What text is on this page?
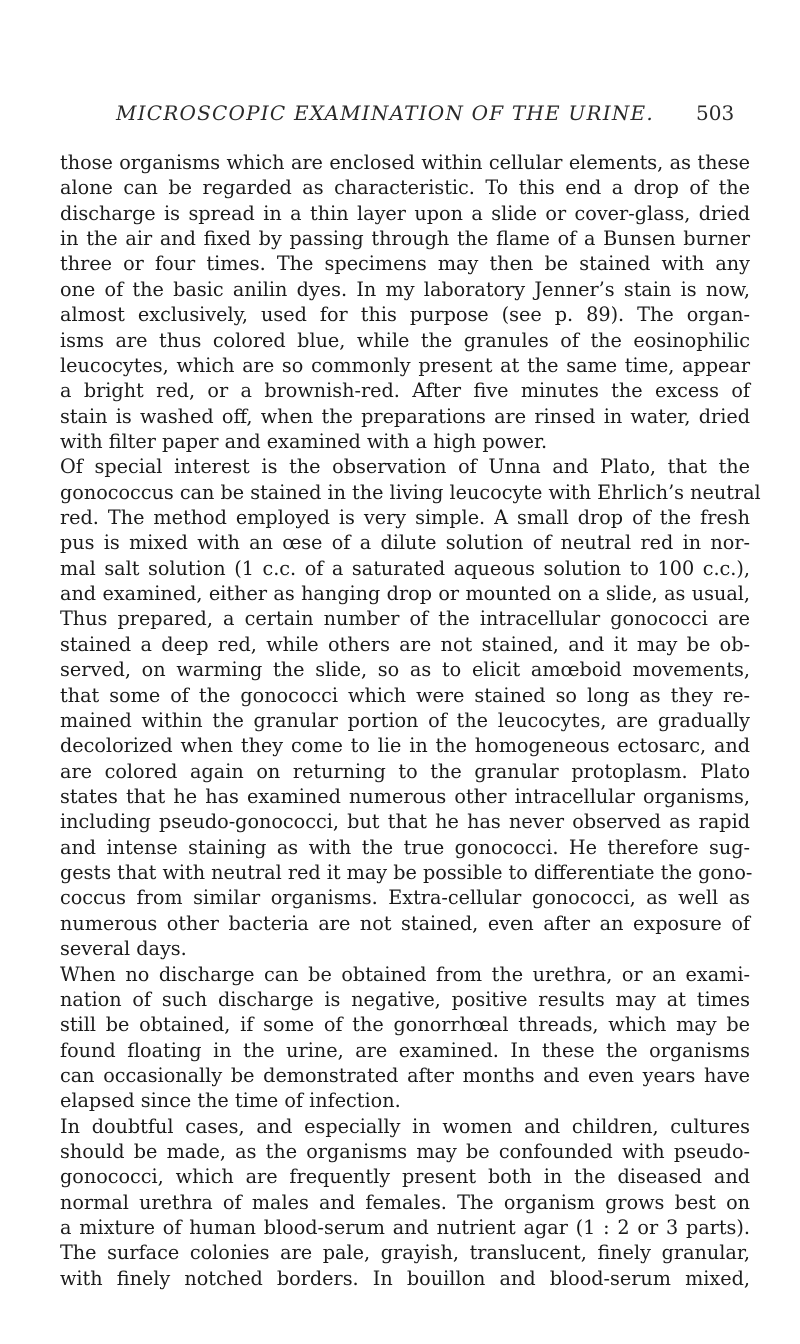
MICROSCOPIC EXAMINATION OF THE URINE. 503
those organisms which are enclosed within cellular elements, as these
alone can be regarded as characteristic. To this end a drop of the
discharge is spread in a thin layer upon a slide or cover-glass, dried
in the air and fixed by passing through the flame of a Bunsen burner
three or four times. The specimens may then be stained with any
one of the basic anilin dyes. In my laboratory Jenner’s stain is now,
almost exclusively, used for this purpose (see p. 89). The organ-
isms are thus colored blue, while the granules of the eosinophilic
leucocytes, which are so commonly present at the same time, appear
a bright red, or a brownish-red. After five minutes the excess of
stain is washed off, when the preparations are rinsed in water, dried
with filter paper and examined with a high power.
Of special interest is the observation of Unna and Plato, that the
gonococcus can be stained in the living leucocyte with Ehrlich’s neutral
red. The method employed is very simple. A small drop of the fresh
pus is mixed with an œse of a dilute solution of neutral red in nor-
mal salt solution (1 c.c. of a saturated aqueous solution to 100 c.c.),
and examined, either as hanging drop or mounted on a slide, as usual,
Thus prepared, a certain number of the intracellular gonococci are
stained a deep red, while others are not stained, and it may be ob-
served, on warming the slide, so as to elicit amœboid movements,
that some of the gonococci which were stained so long as they re-
mained within the granular portion of the leucocytes, are gradually
decolorized when they come to lie in the homogeneous ectosarc, and
are colored again on returning to the granular protoplasm. Plato
states that he has examined numerous other intracellular organisms,
including pseudo-gonococci, but that he has never observed as rapid
and intense staining as with the true gonococci. He therefore sug-
gests that with neutral red it may be possible to differentiate the gono-
coccus from similar organisms. Extra-cellular gonococci, as well as
numerous other bacteria are not stained, even after an exposure of
several days.
When no discharge can be obtained from the urethra, or an exami-
nation of such discharge is negative, positive results may at times
still be obtained, if some of the gonorrhœal threads, which may be
found floating in the urine, are examined. In these the organisms
can occasionally be demonstrated after months and even years have
elapsed since the time of infection.
In doubtful cases, and especially in women and children, cultures
should be made, as the organisms may be confounded with pseudo-
gonococci, which are frequently present both in the diseased and
normal urethra of males and females. The organism grows best on
a mixture of human blood-serum and nutrient agar (1 : 2 or 3 parts).
The surface colonies are pale, grayish, translucent, finely granular,
with finely notched borders. In bouillon and blood-serum mixed,
